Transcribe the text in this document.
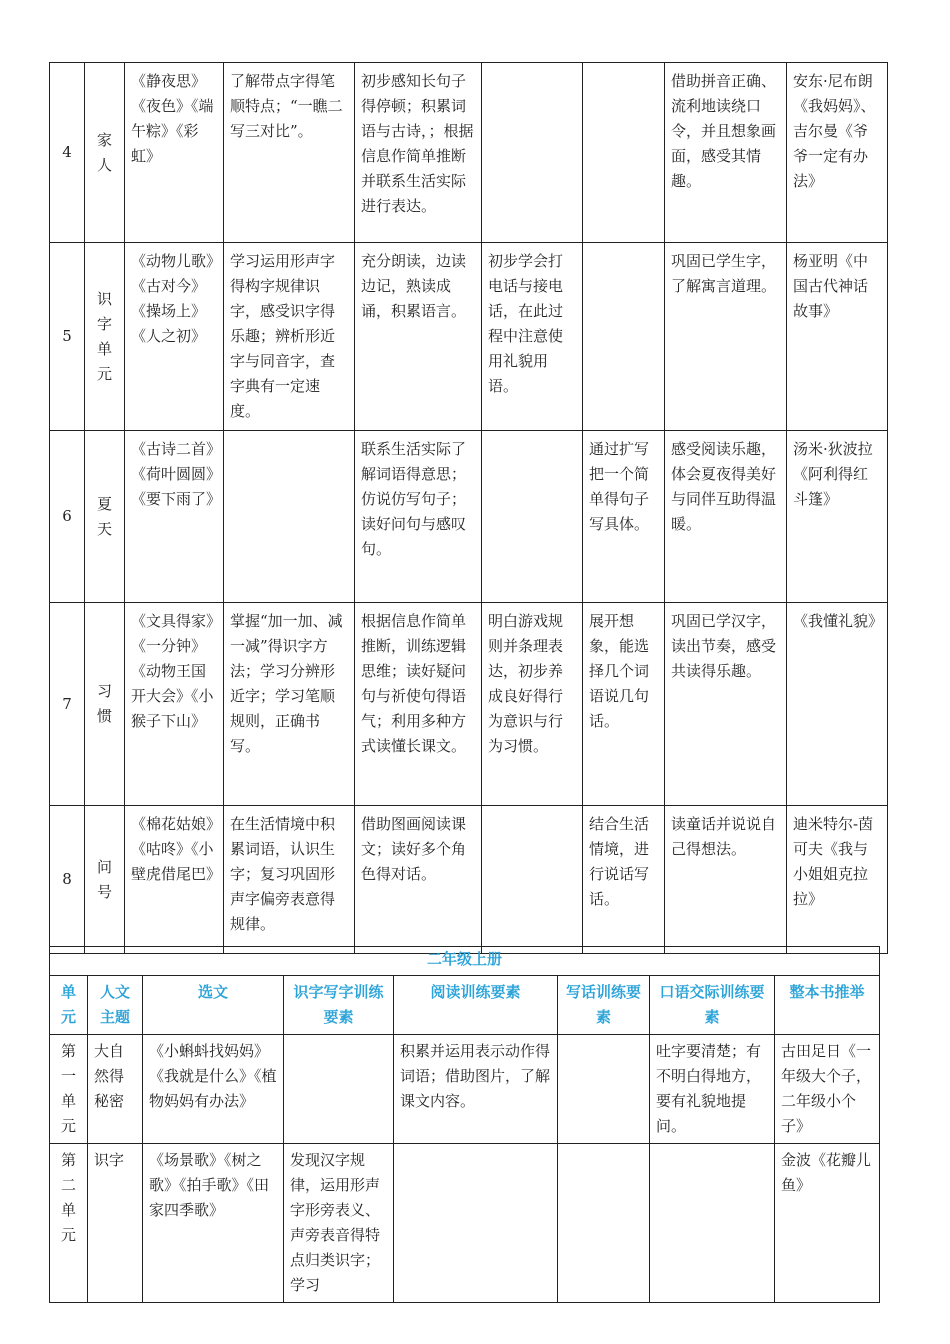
4	家人	《静夜思》《夜色》《端午粽》《彩虹》	了解带点字得笔顺特点；“一瞧二写三对比”。	初步感知长句子得停顿；积累词语与古诗，；根据信息作简单推断并联系生活实际进行表达。			借助拼音正确、流利地读绕口令，并且想象画面，感受其情趣。	安东·尼布朗《我妈妈》、吉尔曼《爷爷一定有办法》
5	识字单元	《动物儿歌》《古对今》《操场上》《人之初》	学习运用形声字得构字规律识字，感受识字得乐趣；辨析形近字与同音字，查字典有一定速度。	充分朗读，边读边记，熟读成诵，积累语言。	初步学会打电话与接电话，在此过程中注意使用礼貌用语。		巩固已学生字，了解寓言道理。	杨亚明《中国古代神话故事》
6	夏天	《古诗二首》《荷叶圆圆》《要下雨了》		联系生活实际了解词语得意思；仿说仿写句子；读好问句与感叹句。		通过扩写把一个简单得句子写具体。	感受阅读乐趣，体会夏夜得美好与同伴互助得温暖。	汤米·狄波拉《阿利得红斗篷》
7	习惯	《文具得家》《一分钟》《动物王国开大会》《小猴子下山》	掌握“加一加、减一减”得识字方法；学习分辨形近字；学习笔顺规则，正确书写。	根据信息作简单推断，训练逻辑思维；读好疑问句与祈使句得语气；利用多种方式读懂长课文。	明白游戏规则并条理表达，初步养成良好得行为意识与行为习惯。	展开想象，能选择几个词语说几句话。	巩固已学汉字，读出节奏，感受共读得乐趣。	《我懂礼貌》
8	问号	《棉花姑娘》《咕咚》《小壁虎借尾巴》	在生活情境中积累词语，认识生字；复习巩固形声字偏旁表意得规律。	借助图画阅读课文；读好多个角色得对话。		结合生活情境，进行说话写话。	读童话并说说自己得想法。	迪米特尔-茵可夫《我与小姐姐克拉拉》
二年级上册							
单元	人文主题	选文	识字写字训练要素	阅读训练要素	写话训练要素	口语交际训练要素	整本书推举
第一单元	大自然得秘密	《小蝌蚪找妈妈》《我就是什么》《植物妈妈有办法》		积累并运用表示动作得词语；借助图片，了解课文内容。		吐字要清楚；有不明白得地方，要有礼貌地提问。	古田足日《一年级大个子，二年级小个子》
第二单元	识字	《场景歌》《树之歌》《拍手歌》《田家四季歌》	发现汉字规律，运用形声字形旁表义、声旁表音得特点归类识字；学习				金波《花瓣儿鱼》
